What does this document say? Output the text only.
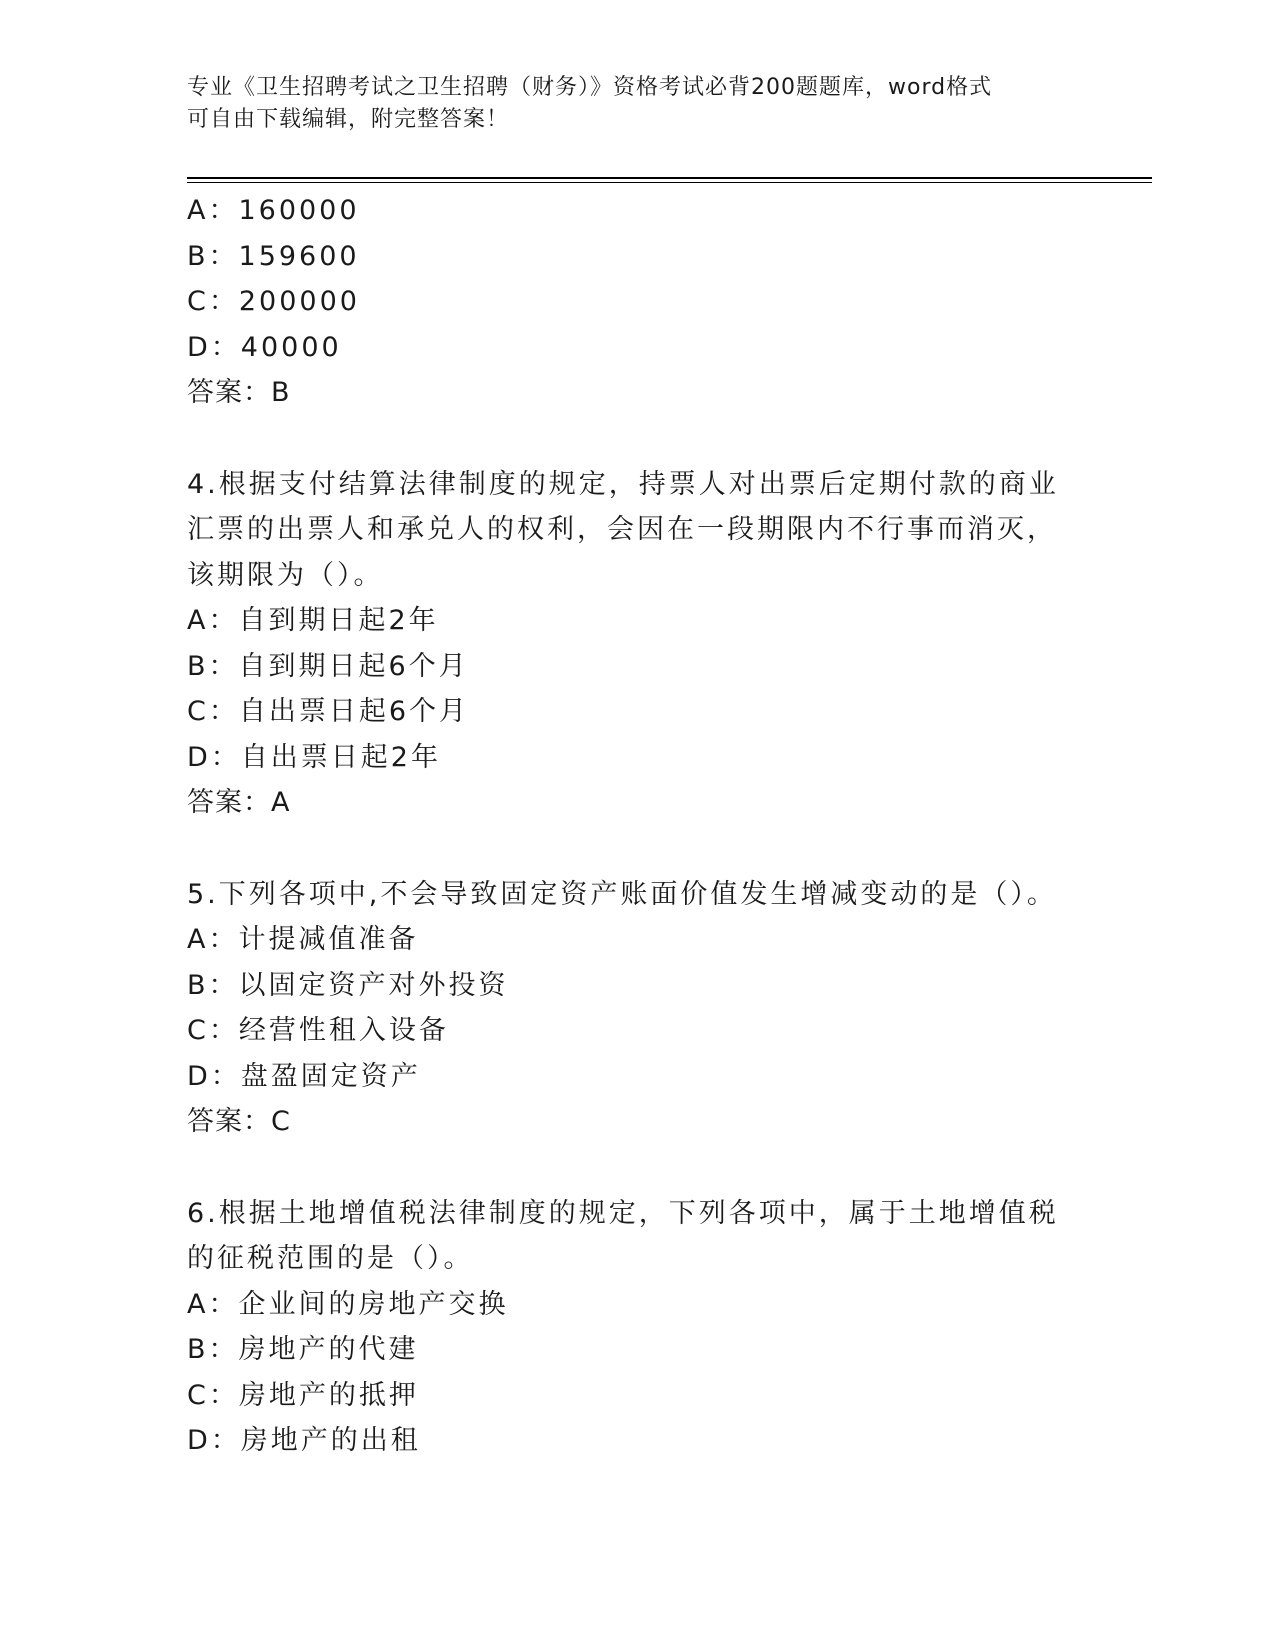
专业《卫生招聘考试之卫生招聘（财务）》资格考试必背200题题库，word格式
可自由下载编辑，附完整答案！
A：160000
B：159600
C：200000
D：40000
答案：B
4.根据支付结算法律制度的规定，持票人对出票后定期付款的商业汇票的出票人和承兑人的权利，会因在一段期限内不行事而消灭，该期限为（）。
A：自到期日起2年
B：自到期日起6个月
C：自出票日起6个月
D：自出票日起2年
答案：A
5.下列各项中,不会导致固定资产账面价值发生增减变动的是（）。
A：计提减值准备
B：以固定资产对外投资
C：经营性租入设备
D：盘盈固定资产
答案：C
6.根据土地增值税法律制度的规定，下列各项中，属于土地增值税的征税范围的是（）。
A：企业间的房地产交换
B：房地产的代建
C：房地产的抵押
D：房地产的出租
